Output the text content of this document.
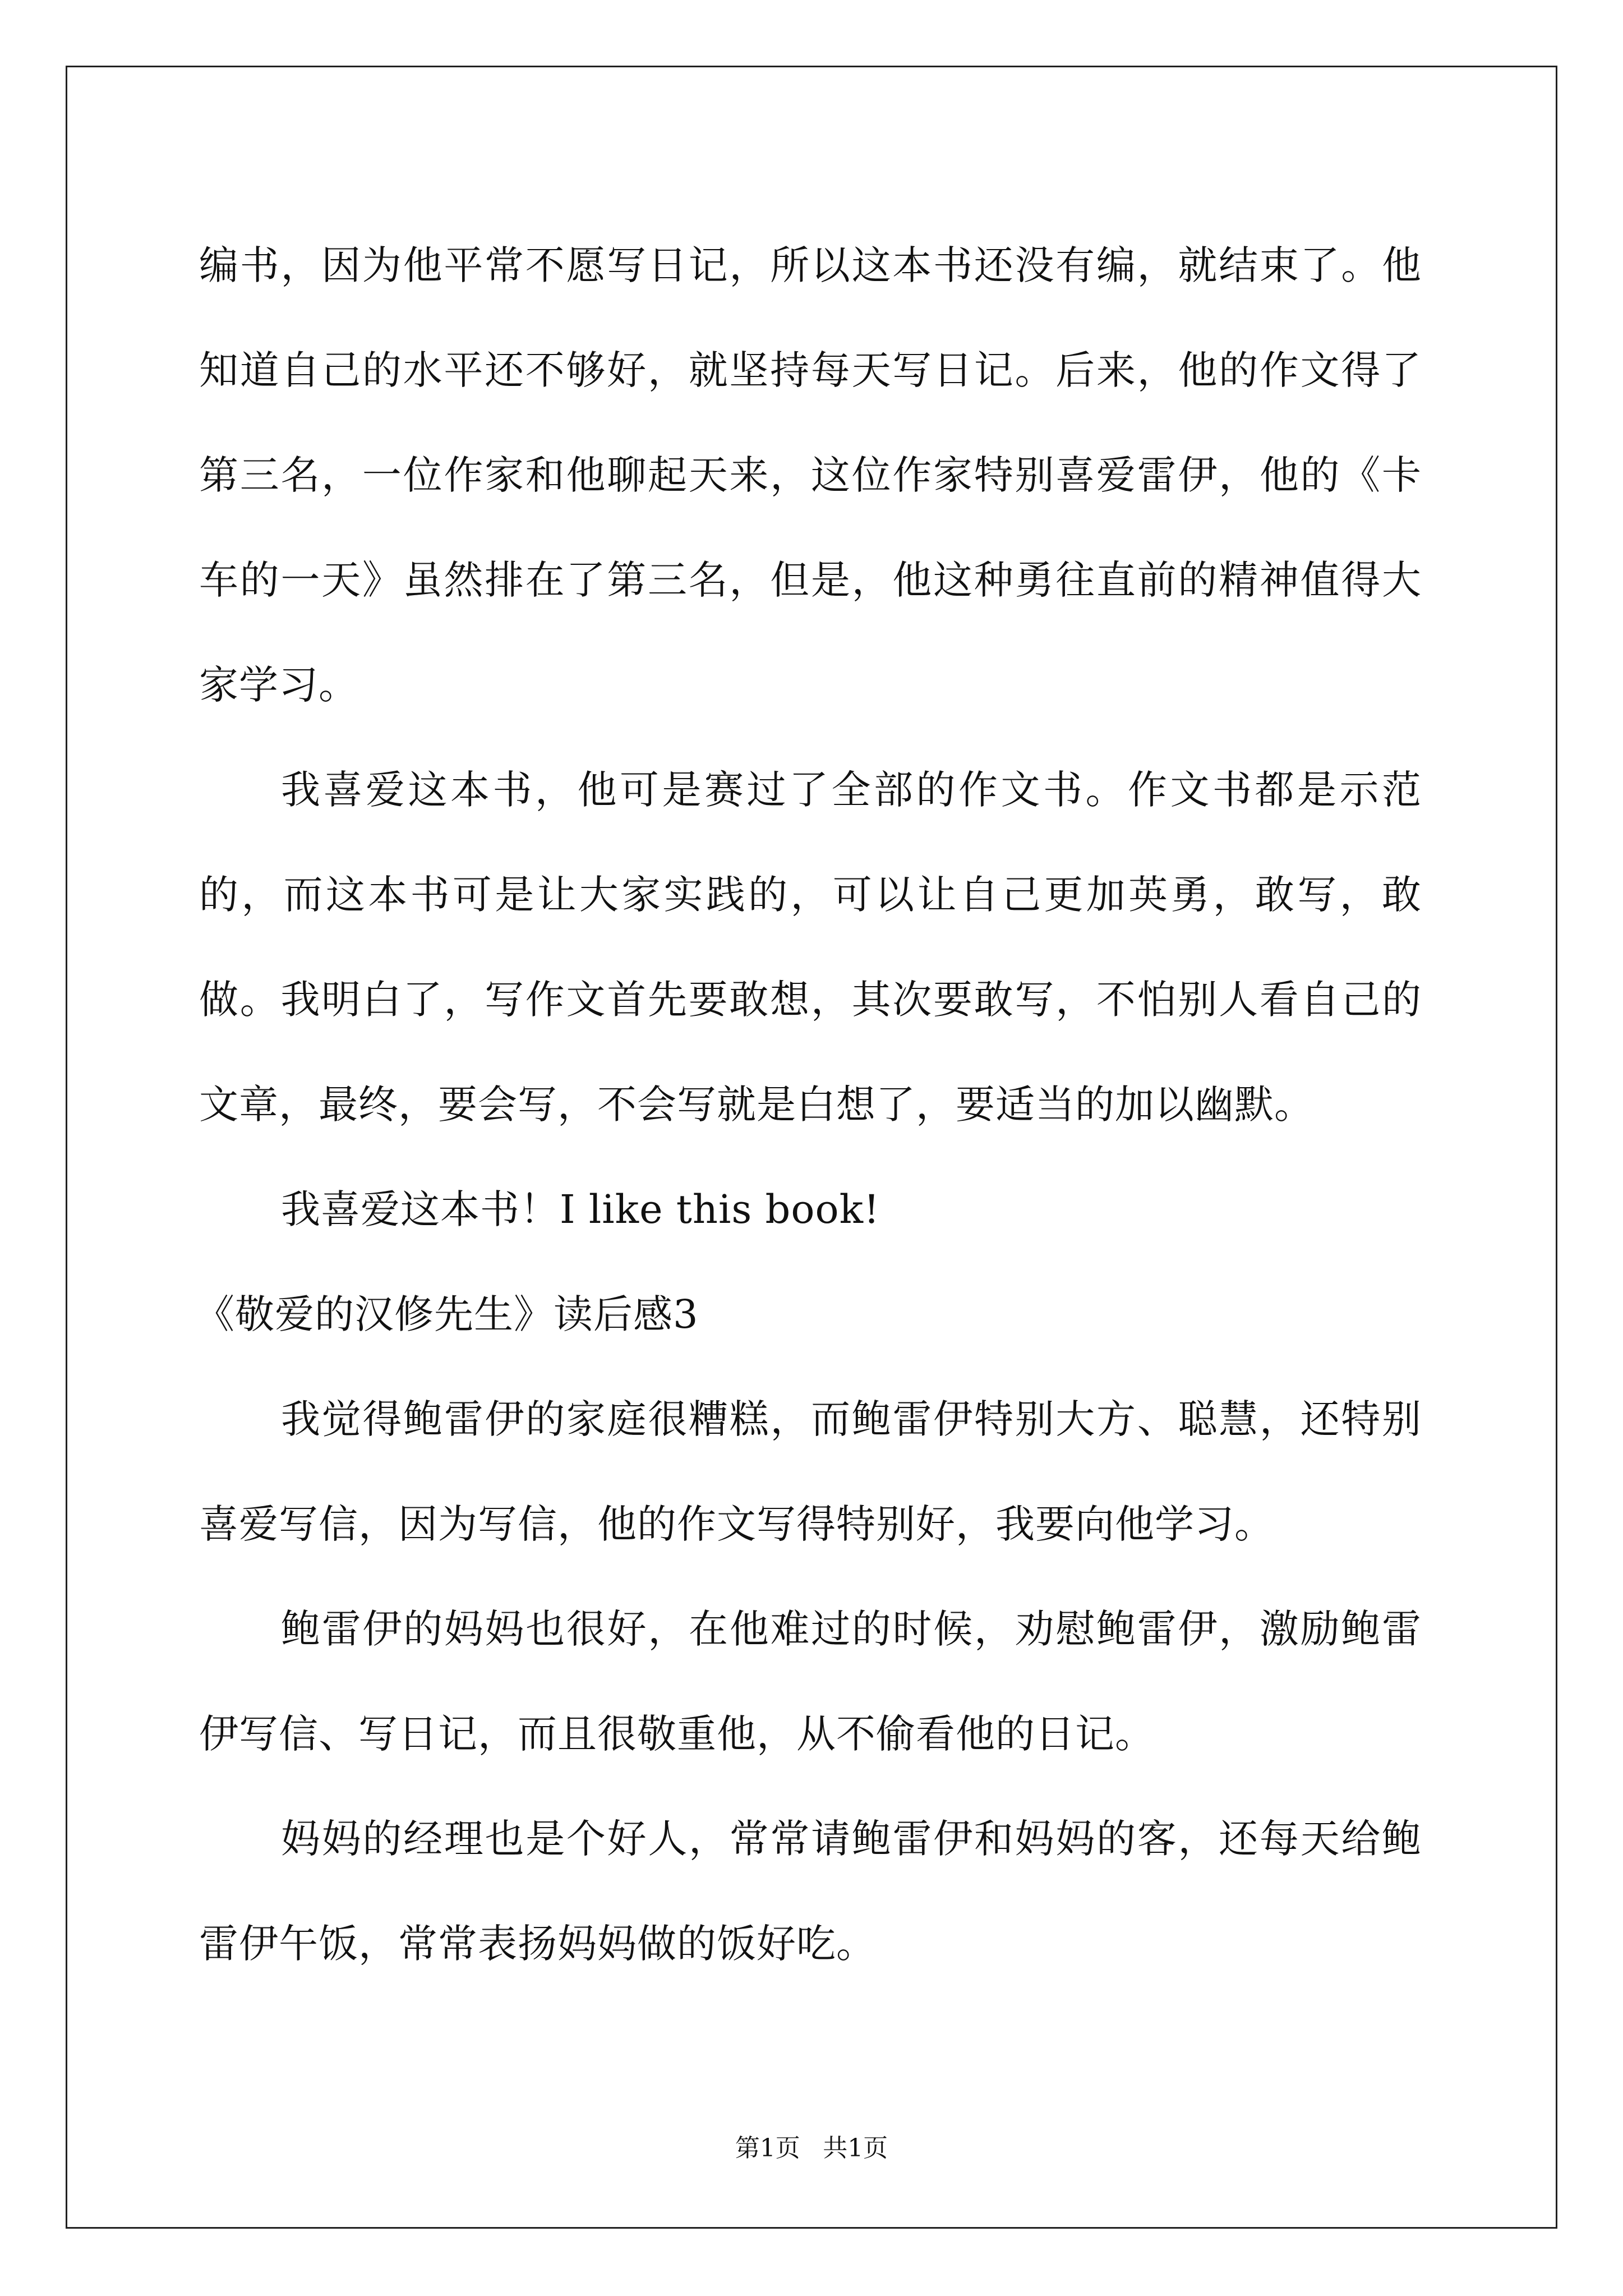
编书，因为他平常不愿写日记，所以这本书还没有编，就结束了。他知道自己的水平还不够好，就坚持每天写日记。后来，他的作文得了第三名，一位作家和他聊起天来，这位作家特别喜爱雷伊，他的《卡车的一天》虽然排在了第三名，但是，他这种勇往直前的精神值得大家学习。

我喜爱这本书，他可是赛过了全部的作文书。作文书都是示范的，而这本书可是让大家实践的，可以让自己更加英勇，敢写，敢做。我明白了，写作文首先要敢想，其次要敢写，不怕别人看自己的文章，最终，要会写，不会写就是白想了，要适当的加以幽默。

我喜爱这本书！I like this book!

《敬爱的汉修先生》读后感3

我觉得鲍雷伊的家庭很糟糕，而鲍雷伊特别大方、聪慧，还特别喜爱写信，因为写信，他的作文写得特别好，我要向他学习。

鲍雷伊的妈妈也很好，在他难过的时候，劝慰鲍雷伊，激励鲍雷伊写信、写日记，而且很敬重他，从不偷看他的日记。

妈妈的经理也是个好人，常常请鲍雷伊和妈妈的客，还每天给鲍雷伊午饭，常常表扬妈妈做的饭好吃。

第1页 共1页
